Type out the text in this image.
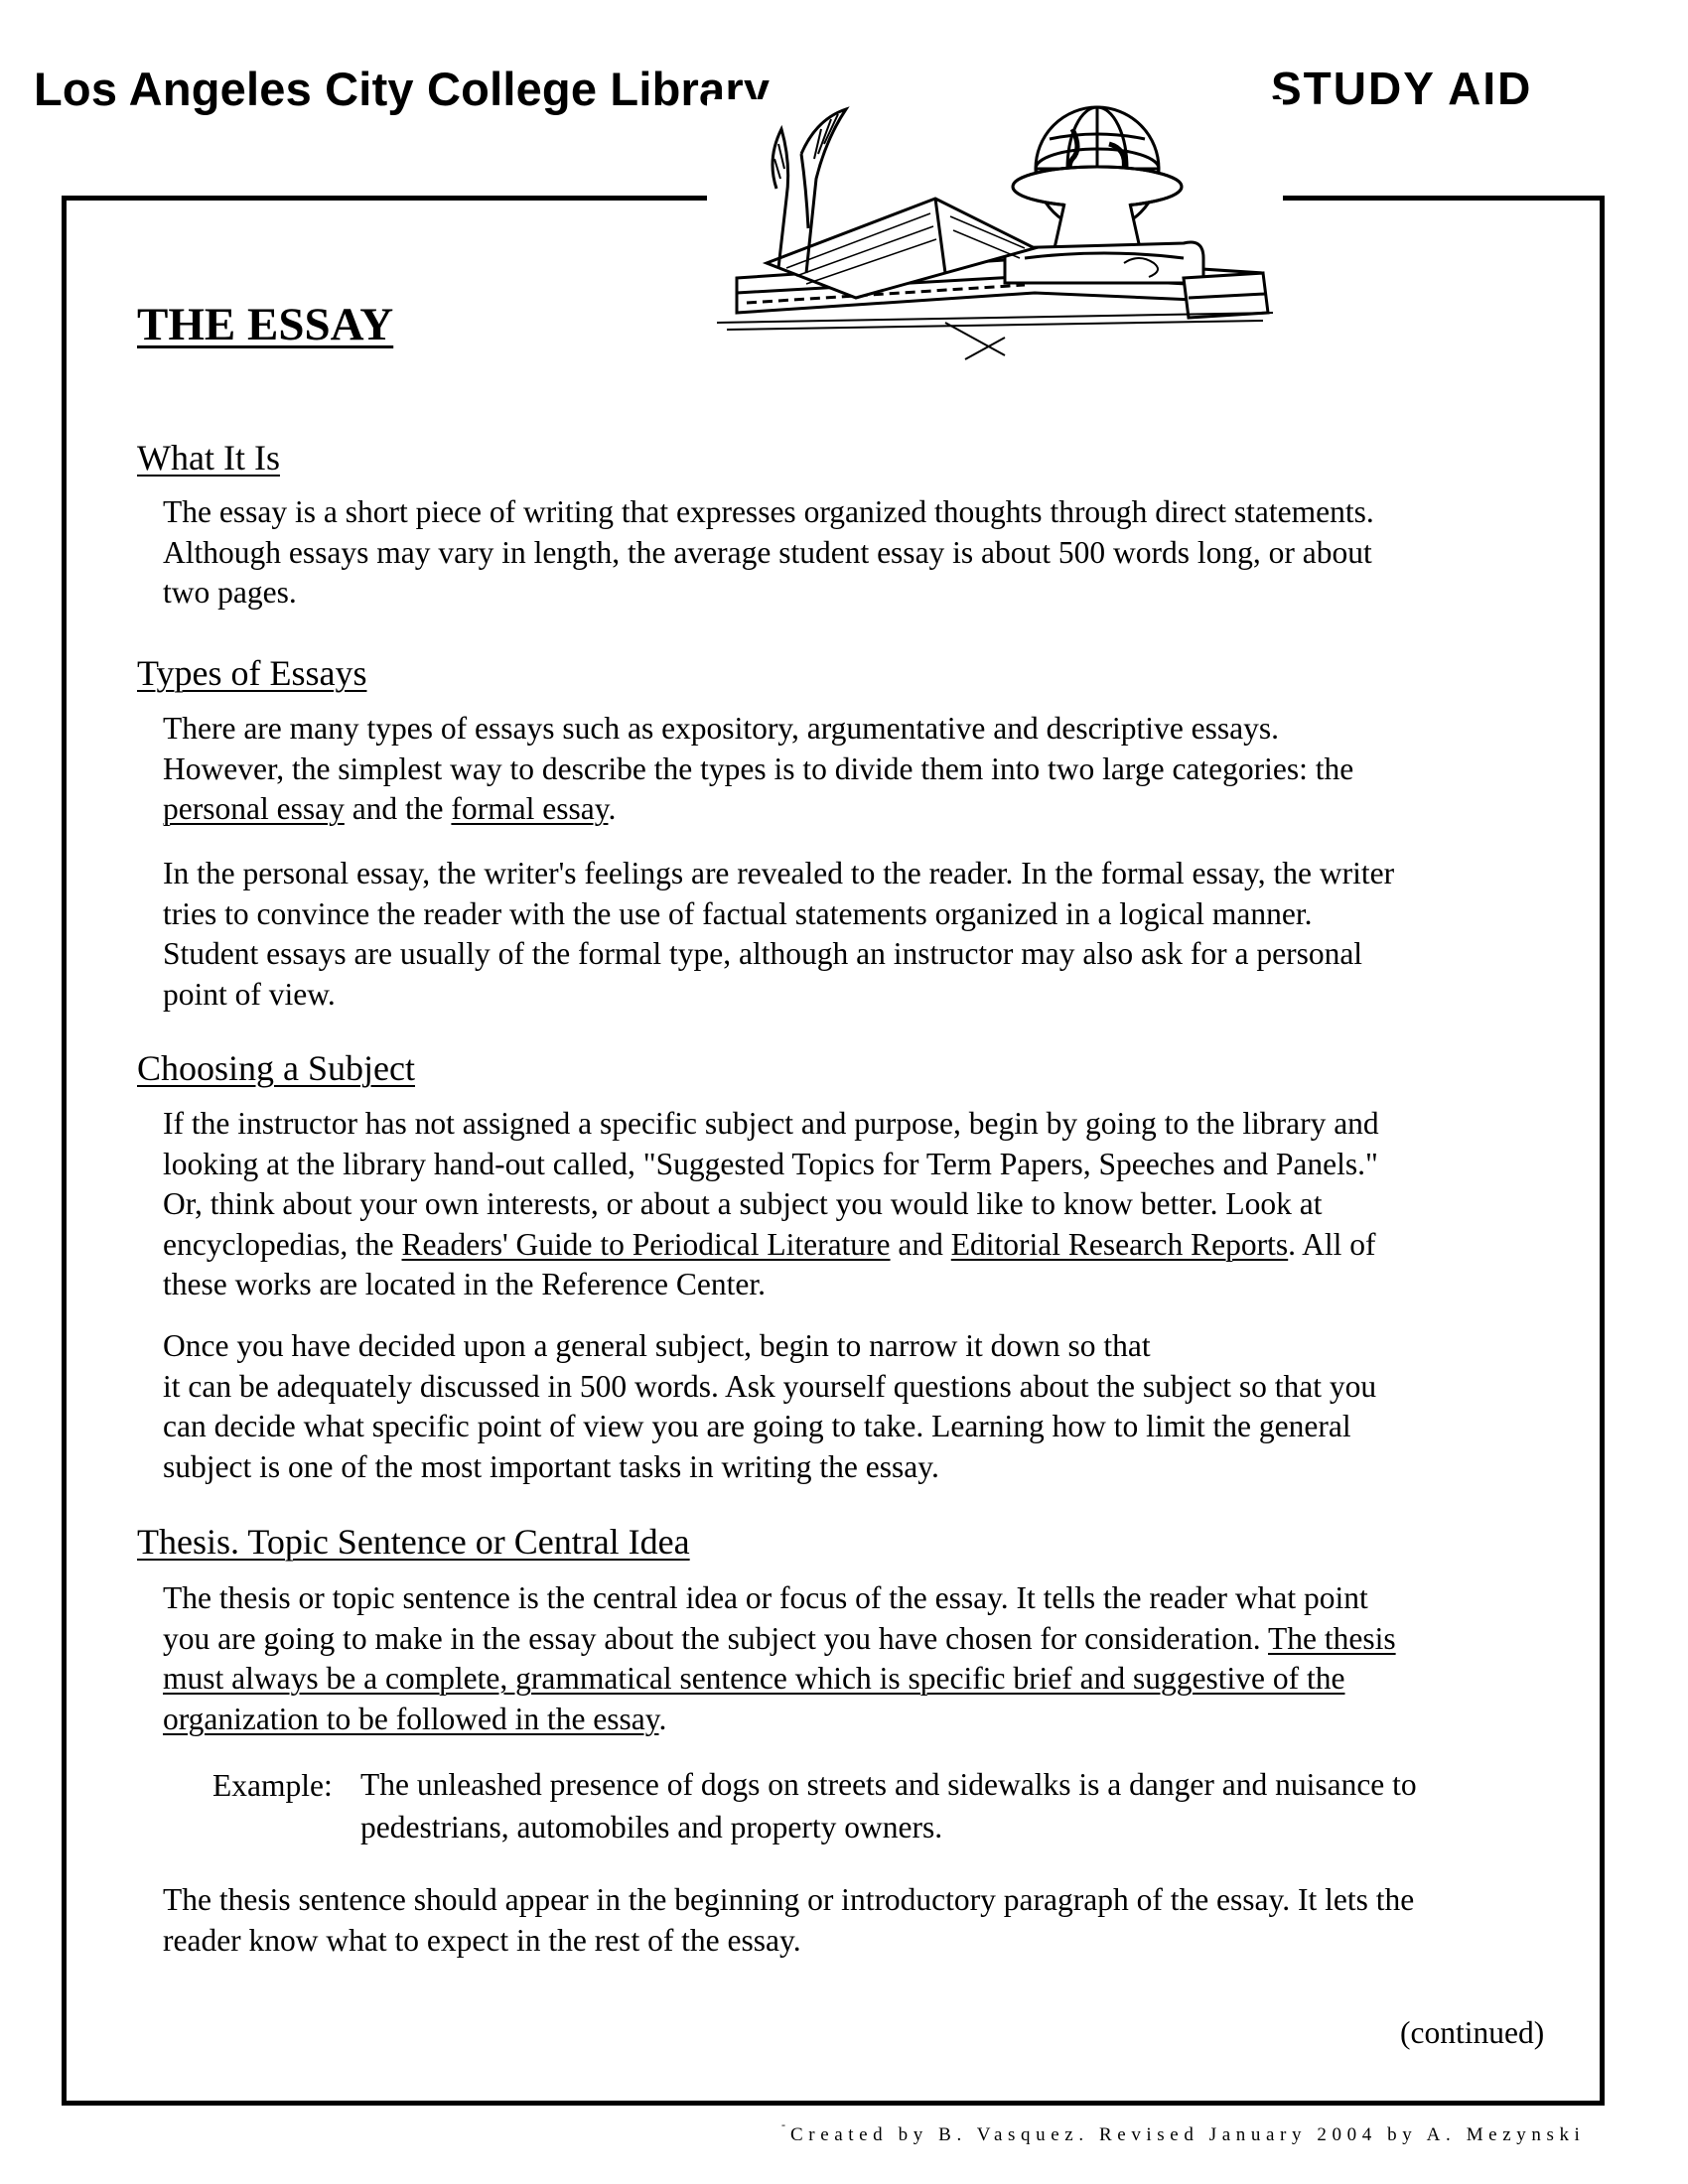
Los Angeles City College Library	STUDY AID
THE ESSAY
What It Is
The essay is a short piece of writing that expresses organized thoughts through direct statements.
Although essays may vary in length, the average student essay is about 500 words long, or about
two pages.
Types of Essays
There are many types of essays such as expository, argumentative and descriptive essays.
However, the simplest way to describe the types is to divide them into two large categories: the
personal essay and the formal essay.
In the personal essay, the writer's feelings are revealed to the reader. In the formal essay, the writer
tries to convince the reader with the use of factual statements organized in a logical manner.
Student essays are usually of the formal type, although an instructor may also ask for a personal
point of view.
Choosing a Subject
If the instructor has not assigned a specific subject and purpose, begin by going to the library and
looking at the library hand-out called, "Suggested Topics for Term Papers, Speeches and Panels."
Or, think about your own interests, or about a subject you would like to know better. Look at
encyclopedias, the Readers' Guide to Periodical Literature and Editorial Research Reports. All of
these works are located in the Reference Center.
Once you have decided upon a general subject, begin to narrow it down so that
it can be adequately discussed in 500 words. Ask yourself questions about the subject so that you
can decide what specific point of view you are going to take. Learning how to limit the general
subject is one of the most important tasks in writing the essay.
Thesis. Topic Sentence or Central Idea
The thesis or topic sentence is the central idea or focus of the essay. It tells the reader what point
you are going to make in the essay about the subject you have chosen for consideration. The thesis
must always be a complete, grammatical sentence which is specific brief and suggestive of the
organization to be followed in the essay.
Example: The unleashed presence of dogs on streets and sidewalks is a danger and nuisance to
pedestrians, automobiles and property owners.
The thesis sentence should appear in the beginning or introductory paragraph of the essay. It lets the
reader know what to expect in the rest of the essay.
(continued)
- Created by B. Vasquez. Revised January 2004 by A. Mezynski
